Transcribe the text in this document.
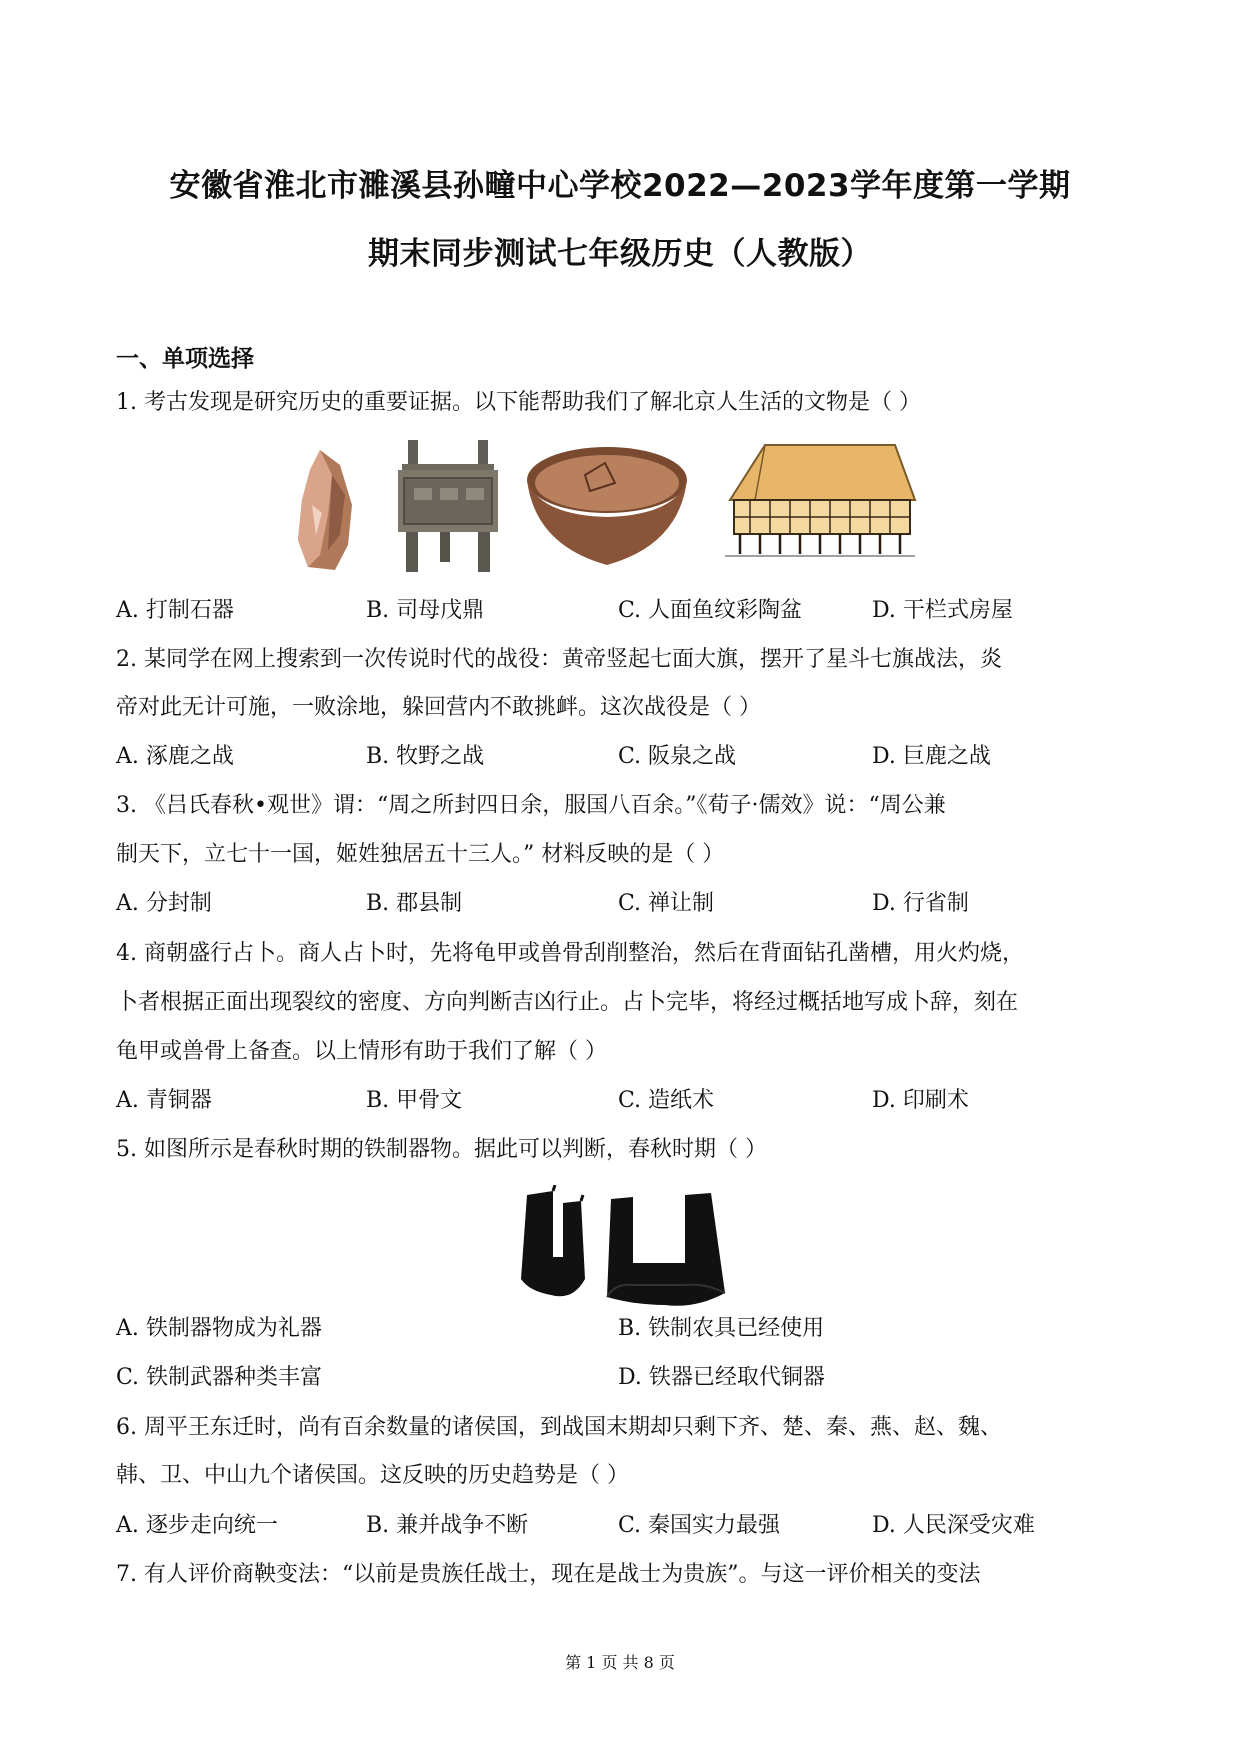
安徽省淮北市濉溪县孙疃中心学校2022—2023学年度第一学期
期末同步测试七年级历史（人教版）
一、单项选择
1. 考古发现是研究历史的重要证据。以下能帮助我们了解北京人生活的文物是（ ）
A. 打制石器	B. 司母戊鼎	C. 人面鱼纹彩陶盆	D. 干栏式房屋
2. 某同学在网上搜索到一次传说时代的战役：黄帝竖起七面大旗，摆开了星斗七旗战法，炎
帝对此无计可施，一败涂地，躲回营内不敢挑衅。这次战役是（ ）
A. 涿鹿之战	B. 牧野之战	C. 阪泉之战	D. 巨鹿之战
3. 《吕氏春秋•观世》谓：“周之所封四日余，服国八百余。”《荀子·儒效》说：“周公兼
制天下，立七十一国，姬姓独居五十三人。” 材料反映的是（ ）
A. 分封制	B. 郡县制	C. 禅让制	D. 行省制
4. 商朝盛行占卜。商人占卜时，先将龟甲或兽骨刮削整治，然后在背面钻孔凿槽，用火灼烧，
卜者根据正面出现裂纹的密度、方向判断吉凶行止。占卜完毕，将经过概括地写成卜辞，刻在
龟甲或兽骨上备查。以上情形有助于我们了解（ ）
A. 青铜器	B. 甲骨文	C. 造纸术	D. 印刷术
5. 如图所示是春秋时期的铁制器物。据此可以判断，春秋时期（ ）
A. 铁制器物成为礼器	B. 铁制农具已经使用
C. 铁制武器种类丰富	D. 铁器已经取代铜器
6. 周平王东迁时，尚有百余数量的诸侯国，到战国末期却只剩下齐、楚、秦、燕、赵、魏、
韩、卫、中山九个诸侯国。这反映的历史趋势是（ ）
A. 逐步走向统一	B. 兼并战争不断	C. 秦国实力最强	D. 人民深受灾难
7. 有人评价商鞅变法：“以前是贵族任战士，现在是战士为贵族”。与这一评价相关的变法
第 1 页 共 8 页
